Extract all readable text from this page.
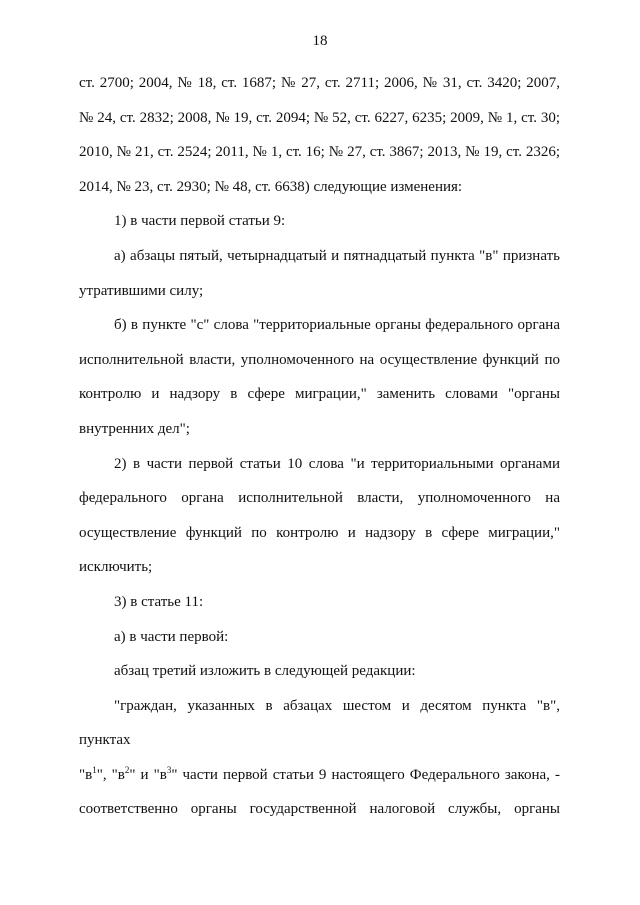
18

ст. 2700; 2004, № 18, ст. 1687; № 27, ст. 2711; 2006, № 31, ст. 3420; 2007,

№ 24, ст. 2832; 2008, № 19, ст. 2094; № 52, ст. 6227, 6235; 2009, № 1, ст. 30;

2010, № 21, ст. 2524; 2011, № 1, ст. 16; № 27, ст. 3867; 2013, № 19, ст. 2326;

2014, № 23, ст. 2930; № 48, ст. 6638) следующие изменения:

1) в части первой статьи 9:

а) абзацы пятый, четырнадцатый и пятнадцатый пункта "в" признать

утратившими силу;

б) в пункте "с" слова "территориальные органы федерального органа

исполнительной власти, уполномоченного на осуществление функций по

контролю и надзору в сфере миграции," заменить словами "органы

внутренних дел";

2) в части первой статьи 10 слова "и территориальными органами

федерального органа исполнительной власти, уполномоченного на

осуществление функций по контролю и надзору в сфере миграции,"

исключить;

3) в статье 11:

а) в части первой:

абзац третий изложить в следующей редакции:

"граждан, указанных в абзацах шестом и десятом пункта "в", пунктах

"$в^1$", "$в^2$" и "$в^3$" части первой статьи 9 настоящего Федерального закона, -

соответственно органы государственной налоговой службы, органы
